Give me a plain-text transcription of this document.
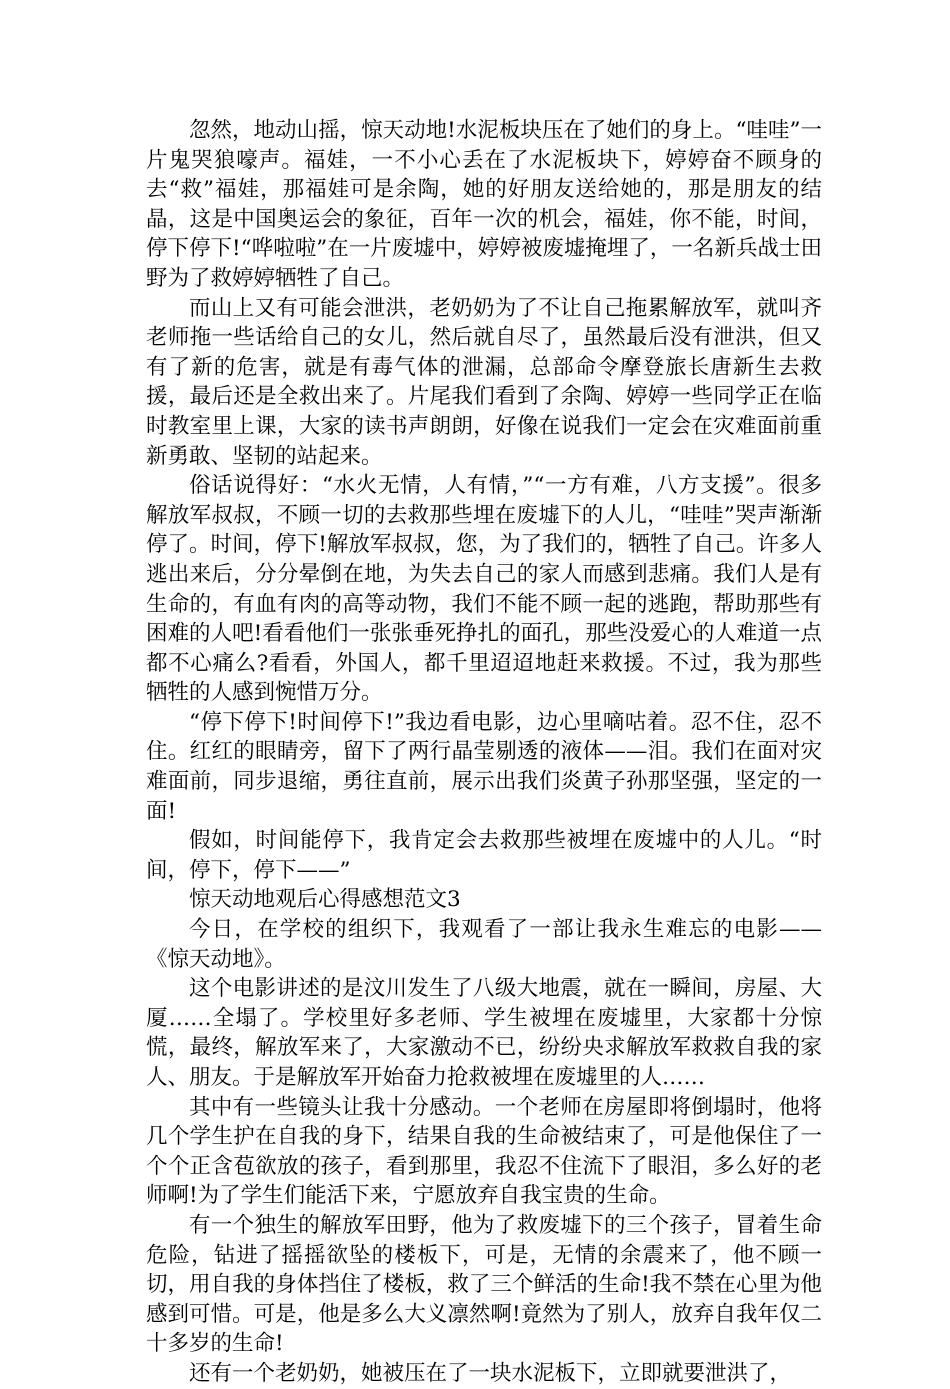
忽然，地动山摇，惊天动地!水泥板块压在了她们的身上。“哇哇”一片鬼哭狼嚎声。福娃，一不小心丢在了水泥板块下，婷婷奋不顾身的去“救”福娃，那福娃可是余陶，她的好朋友送给她的，那是朋友的结晶，这是中国奥运会的象征，百年一次的机会，福娃，你不能，时间，停下停下!“哗啦啦”在一片废墟中，婷婷被废墟掩埋了，一名新兵战士田野为了救婷婷牺牲了自己。

而山上又有可能会泄洪，老奶奶为了不让自己拖累解放军，就叫齐老师拖一些话给自己的女儿，然后就自尽了，虽然最后没有泄洪，但又有了新的危害，就是有毒气体的泄漏，总部命令摩登旅长唐新生去救援，最后还是全救出来了。片尾我们看到了余陶、婷婷一些同学正在临时教室里上课，大家的读书声朗朗，好像在说我们一定会在灾难面前重新勇敢、坚韧的站起来。

俗话说得好：“水火无情，人有情，”“一方有难，八方支援”。很多解放军叔叔，不顾一切的去救那些埋在废墟下的人儿，“哇哇”哭声渐渐停了。时间，停下!解放军叔叔，您，为了我们的，牺牲了自己。许多人逃出来后，分分晕倒在地，为失去自己的家人而感到悲痛。我们人是有生命的，有血有肉的高等动物，我们不能不顾一起的逃跑，帮助那些有困难的人吧!看看他们一张张垂死挣扎的面孔，那些没爱心的人难道一点都不心痛么?看看，外国人，都千里迢迢地赶来救援。不过，我为那些牺牲的人感到惋惜万分。

“停下停下!时间停下!”我边看电影，边心里嘀咕着。忍不住，忍不住。红红的眼睛旁，留下了两行晶莹剔透的液体——泪。我们在面对灾难面前，同步退缩，勇往直前，展示出我们炎黄子孙那坚强，坚定的一面!

假如，时间能停下，我肯定会去救那些被埋在废墟中的人儿。“时间，停下，停下——”

惊天动地观后心得感想范文3

今日，在学校的组织下，我观看了一部让我永生难忘的电影——《惊天动地》。

这个电影讲述的是汶川发生了八级大地震，就在一瞬间，房屋、大厦……全塌了。学校里好多老师、学生被埋在废墟里，大家都十分惊慌，最终，解放军来了，大家激动不已，纷纷央求解放军救救自我的家人、朋友。于是解放军开始奋力抢救被埋在废墟里的人……

其中有一些镜头让我十分感动。一个老师在房屋即将倒塌时，他将几个学生护在自我的身下，结果自我的生命被结束了，可是他保住了一个个正含苞欲放的孩子，看到那里，我忍不住流下了眼泪，多么好的老师啊!为了学生们能活下来，宁愿放弃自我宝贵的生命。

有一个独生的解放军田野，他为了救废墟下的三个孩子，冒着生命危险，钻进了摇摇欲坠的楼板下，可是，无情的余震来了，他不顾一切，用自我的身体挡住了楼板，救了三个鲜活的生命!我不禁在心里为他感到可惜。可是，他是多么大义凛然啊!竟然为了别人，放弃自我年仅二十多岁的生命!

还有一个老奶奶，她被压在了一块水泥板下，立即就要泄洪了，
